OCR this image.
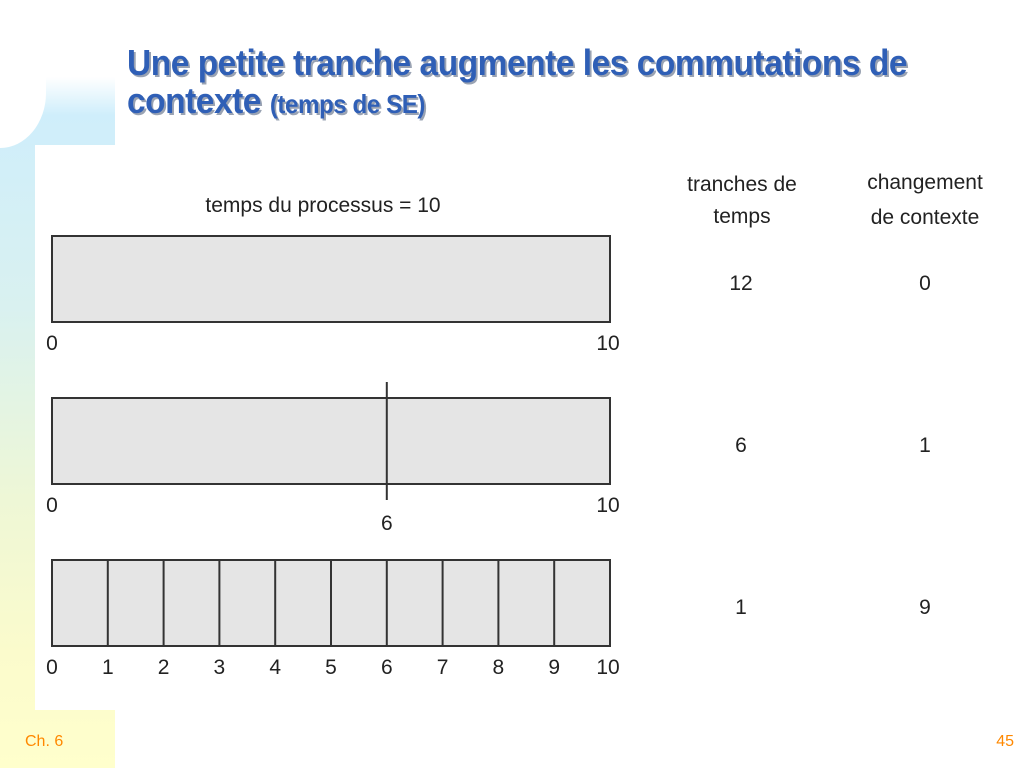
Une petite tranche augmente les commutations de contexte (temps de SE)
temps du processus = 10
tranches de
temps
changement
de contexte
0	10
12	0
0
6
10
6	1
0 1 2 3 4 5 6 7 8 9 10
1	9
Ch. 6	45
